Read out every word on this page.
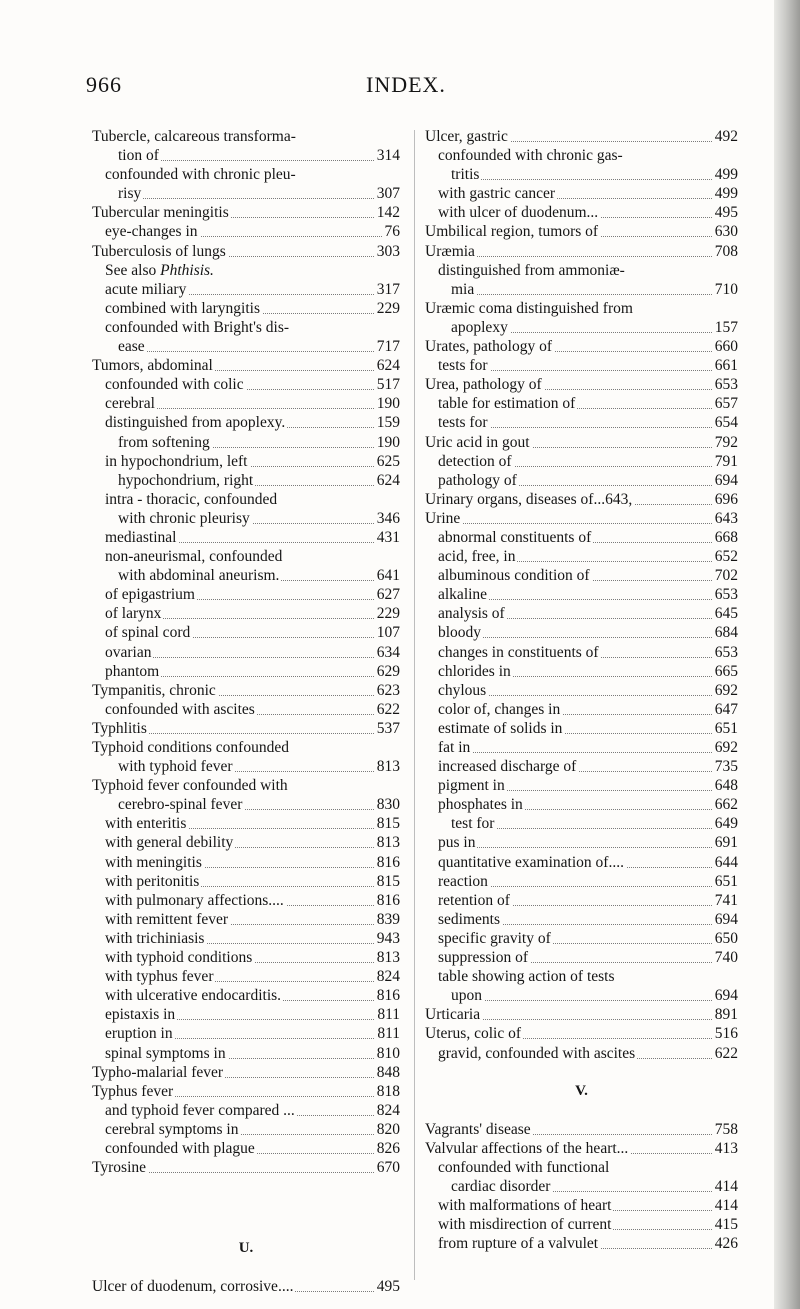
966	INDEX.
Tubercle, calcareous transforma-
tion of	314
confounded with chronic pleu-
risy	307
Tubercular meningitis	142
eye-changes in	76
Tuberculosis of lungs	303
See also Phthisis.
acute miliary	317
combined with laryngitis	229
confounded with Bright's dis-
ease	717
Tumors, abdominal	624
confounded with colic	517
cerebral	190
distinguished from apoplexy.	159
from softening	190
in hypochondrium, left	625
hypochondrium, right	624
intra - thoracic, confounded
with chronic pleurisy	346
mediastinal	431
non-aneurismal, confounded
with abdominal aneurism.	641
of epigastrium	627
of larynx	229
of spinal cord	107
ovarian	634
phantom	629
Tympanitis, chronic	623
confounded with ascites	622
Typhlitis	537
Typhoid conditions confounded
with typhoid fever	813
Typhoid fever confounded with
cerebro-spinal fever	830
with enteritis	815
with general debility	813
with meningitis	816
with peritonitis	815
with pulmonary affections....	816
with remittent fever	839
with trichiniasis	943
with typhoid conditions	813
with typhus fever	824
with ulcerative endocarditis.	816
epistaxis in	811
eruption in	811
spinal symptoms in	810
Typho-malarial fever	848
Typhus fever	818
and typhoid fever compared ...	824
cerebral symptoms in	820
confounded with plague	826
Tyrosine	670
U.
Ulcer of duodenum, corrosive....	495
Ulcer, gastric	492
confounded with chronic gas-
tritis	499
with gastric cancer	499
with ulcer of duodenum...	495
Umbilical region, tumors of	630
Uræmia	708
distinguished from ammoniæ-
mia	710
Uræmic coma distinguished from
apoplexy	157
Urates, pathology of	660
tests for	661
Urea, pathology of	653
table for estimation of	657
tests for	654
Uric acid in gout	792
detection of	791
pathology of	694
Urinary organs, diseases of...643,	696
Urine	643
abnormal constituents of	668
acid, free, in	652
albuminous condition of	702
alkaline	653
analysis of	645
bloody	684
changes in constituents of	653
chlorides in	665
chylous	692
color of, changes in	647
estimate of solids in	651
fat in	692
increased discharge of	735
pigment in	648
phosphates in	662
test for	649
pus in	691
quantitative examination of....	644
reaction	651
retention of	741
sediments	694
specific gravity of	650
suppression of	740
table showing action of tests
upon	694
Urticaria	891
Uterus, colic of	516
gravid, confounded with ascites	622
V.
Vagrants' disease	758
Valvular affections of the heart...	413
confounded with functional
cardiac disorder	414
with malformations of heart	414
with misdirection of current	415
from rupture of a valvulet	426
